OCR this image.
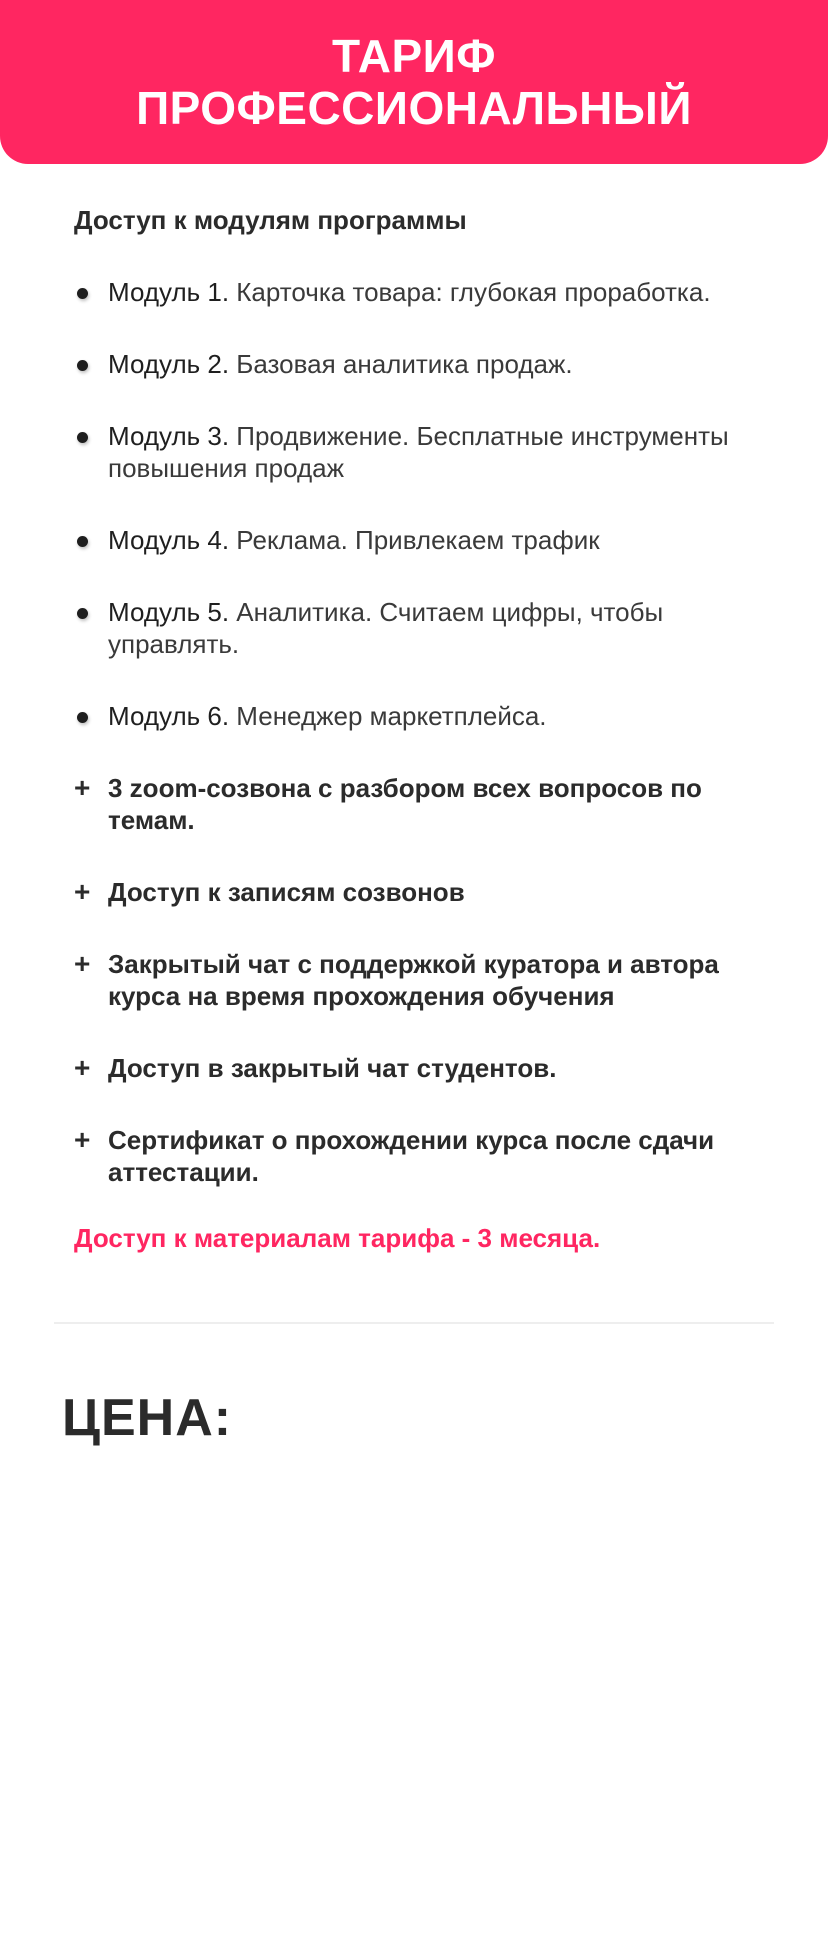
ТАРИФ
ПРОФЕССИОНАЛЬНЫЙ
Доступ к модулям программы
Модуль 1. Карточка товара: глубокая проработка.
Модуль 2. Базовая аналитика продаж.
Модуль 3. Продвижение. Бесплатные инструменты повышения продаж
Модуль 4. Реклама. Привлекаем трафик
Модуль 5. Аналитика. Считаем цифры, чтобы управлять.
Модуль 6. Менеджер маркетплейса.
+ 3 zoom-созвона с разбором всех вопросов по темам.
+ Доступ к записям созвонов
+ Закрытый чат с поддержкой куратора и автора курса на время прохождения обучения
+ Доступ в закрытый чат студентов.
+ Сертификат о прохождении курса после сдачи аттестации.
Доступ к материалам тарифа - 3 месяца.
ЦЕНА:
